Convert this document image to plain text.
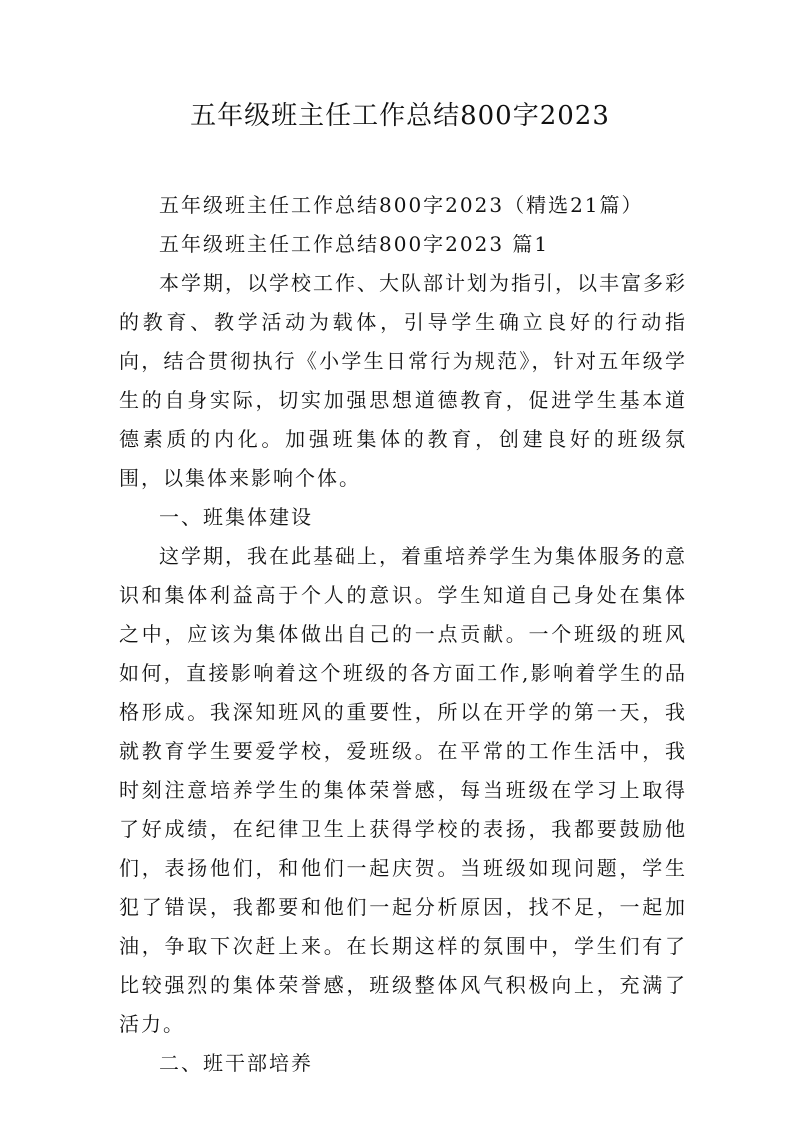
五年级班主任工作总结800字2023

五年级班主任工作总结800字2023（精选21篇）

五年级班主任工作总结800字2023 篇1

本学期，以学校工作、大队部计划为指引，以丰富多彩的教育、教学活动为载体，引导学生确立良好的行动指向，结合贯彻执行《小学生日常行为规范》，针对五年级学生的自身实际，切实加强思想道德教育，促进学生基本道德素质的内化。加强班集体的教育，创建良好的班级氛围，以集体来影响个体。

一、班集体建设

这学期，我在此基础上，着重培养学生为集体服务的意识和集体利益高于个人的意识。学生知道自己身处在集体之中，应该为集体做出自己的一点贡献。一个班级的班风如何，直接影响着这个班级的各方面工作,影响着学生的品格形成。我深知班风的重要性，所以在开学的第一天，我就教育学生要爱学校，爱班级。在平常的工作生活中，我时刻注意培养学生的集体荣誉感，每当班级在学习上取得了好成绩，在纪律卫生上获得学校的表扬，我都要鼓励他们，表扬他们，和他们一起庆贺。当班级如现问题，学生犯了错误，我都要和他们一起分析原因，找不足，一起加油，争取下次赶上来。在长期这样的氛围中，学生们有了比较强烈的集体荣誉感，班级整体风气积极向上，充满了活力。

二、班干部培养
